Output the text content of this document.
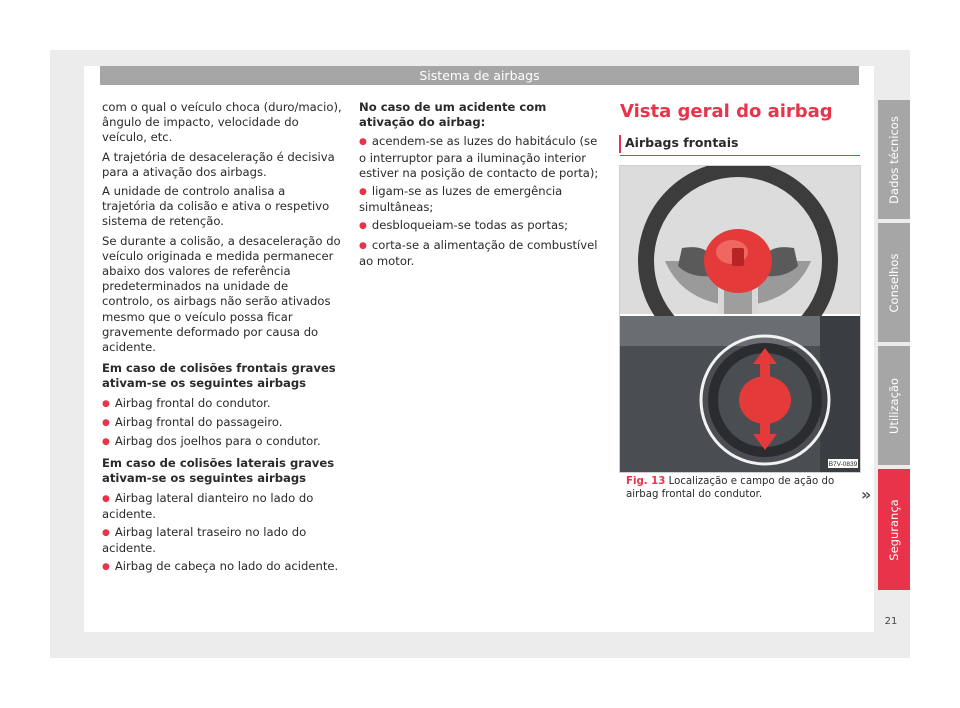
Sistema de airbags

com o qual o veículo choca (duro/macio), ângulo de impacto, velocidade do veículo, etc.

A trajetória de desaceleração é decisiva para a ativação dos airbags.

A unidade de controlo analisa a trajetória da colisão e ativa o respetivo sistema de retenção.

Se durante a colisão, a desaceleração do veículo originada e medida permanecer abaixo dos valores de referência predeterminados na unidade de controlo, os airbags não serão ativados mesmo que o veículo possa ficar gravemente deformado por causa do acidente.

Em caso de colisões frontais graves ativam-se os seguintes airbags

● Airbag frontal do condutor.
● Airbag frontal do passageiro.
● Airbag dos joelhos para o condutor.

Em caso de colisões laterais graves ativam-se os seguintes airbags

● Airbag lateral dianteiro no lado do acidente.
● Airbag lateral traseiro no lado do acidente.
● Airbag de cabeça no lado do acidente.

No caso de um acidente com ativação do airbag:

● acendem-se as luzes do habitáculo (se o interruptor para a iluminação interior estiver na posição de contacto de porta);
● ligam-se as luzes de emergência simultâneas;
● desbloqueiam-se todas as portas;
● corta-se a alimentação de combustível ao motor.
Vista geral do airbag
Airbags frontais
B7V-0839
Fig. 13 Localização e campo de ação do airbag frontal do condutor.	»
Dados técnicos
Conselhos
Utilização
Segurança
21
